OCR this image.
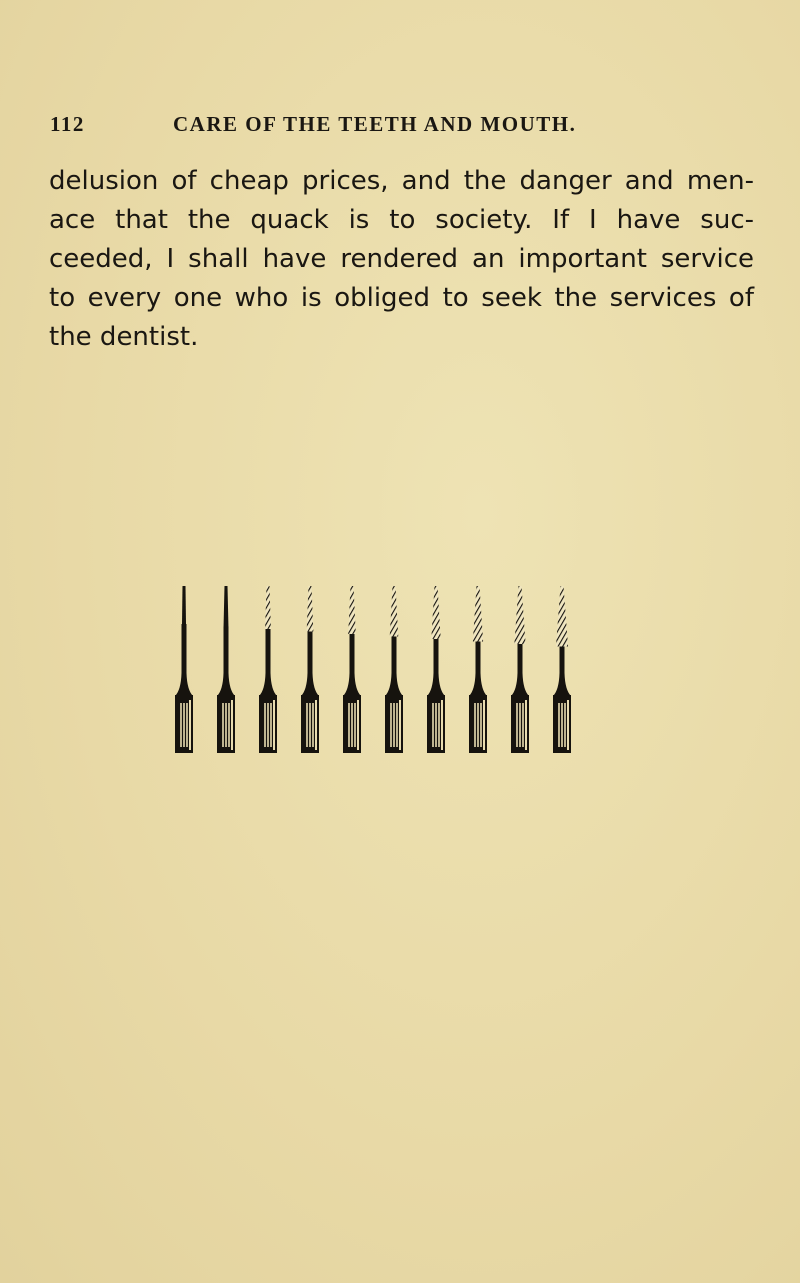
112	CARE OF THE TEETH AND MOUTH.
delusion of cheap prices, and the danger and men-
ace that the quack is to society. If I have suc-
ceeded, I shall have rendered an important service
to every one who is obliged to seek the services of
the dentist.
